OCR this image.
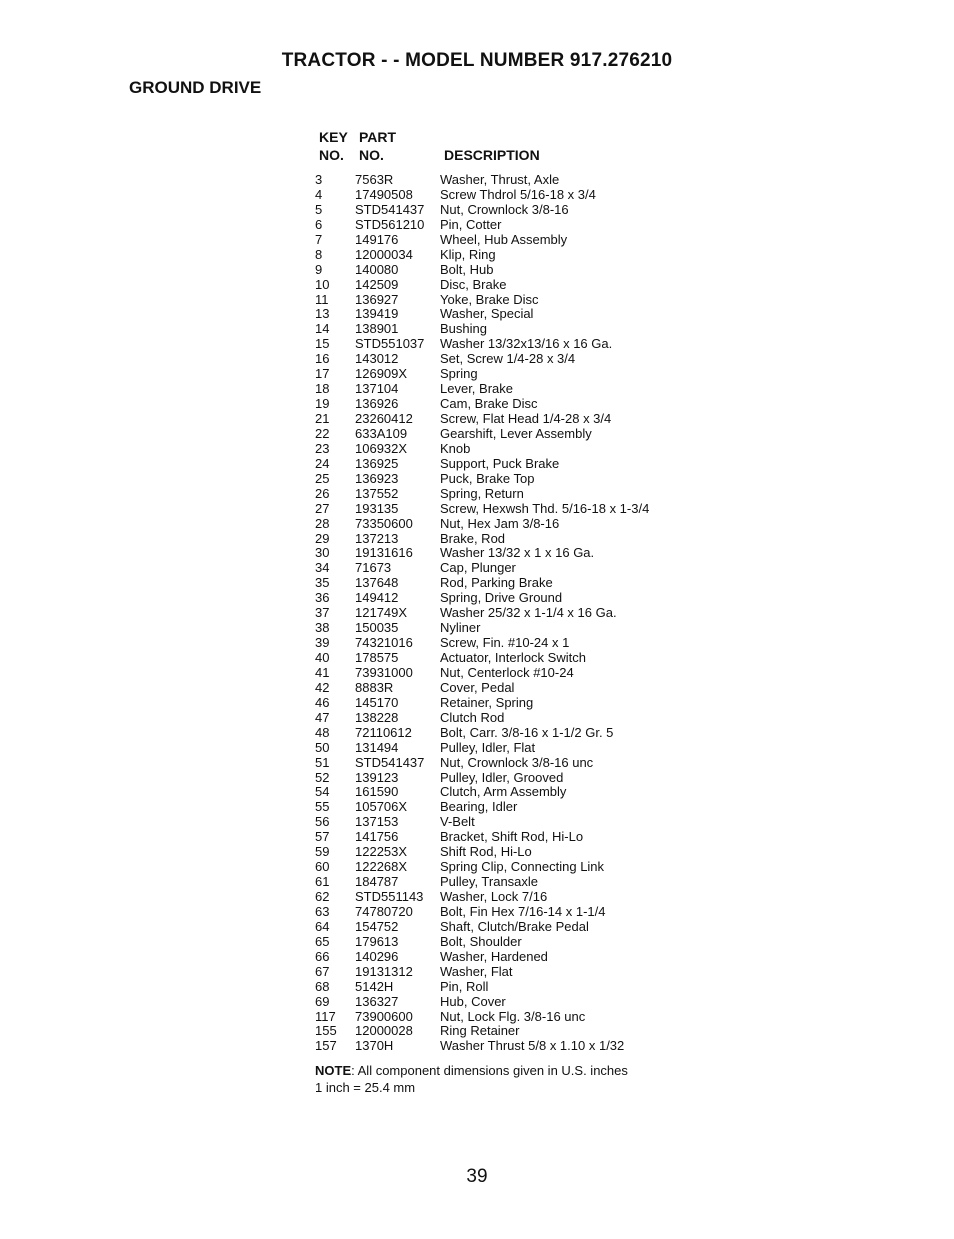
TRACTOR - - MODEL NUMBER 917.276210
GROUND DRIVE
KEY PART
NO. NO.	DESCRIPTION
3	7563R	Washer, Thrust, Axle
4	17490508 Screw Thdrol 5/16-18 x 3/4
5	STD541437 Nut, Crownlock 3/8-16
6	STD561210 Pin, Cotter
7	149176	Wheel, Hub Assembly
8	12000034 Klip, Ring
9	140080	Bolt, Hub
10 142509	Disc, Brake
11 136927	Yoke, Brake Disc
13 139419	Washer, Special
14 138901	Bushing
15 STD551037 Washer 13/32x13/16 x 16 Ga.
16 143012	Set, Screw 1/4-28 x 3/4
17 126909X	Spring
18 137104	Lever, Brake
19 136926	Cam, Brake Disc
21 23260412 Screw, Flat Head 1/4-28 x 3/4
22 633A109	Gearshift, Lever Assembly
23 106932X	Knob
24 136925	Support, Puck Brake
25 136923	Puck, Brake Top
26 137552	Spring, Return
27 193135	Screw, Hexwsh Thd. 5/16-18 x 1-3/4
28 73350600 Nut, Hex Jam 3/8-16
29 137213	Brake, Rod
30 19131616 Washer 13/32 x 1 x 16 Ga.
34 71673	Cap, Plunger
35 137648	Rod, Parking Brake
36 149412	Spring, Drive Ground
37 121749X	Washer 25/32 x 1-1/4 x 16 Ga.
38 150035	Nyliner
39 74321016 Screw, Fin. #10-24 x 1
40 178575	Actuator, Interlock Switch
41 73931000 Nut, Centerlock #10-24
42 8883R	Cover, Pedal
46 145170	Retainer, Spring
47 138228	Clutch Rod
48 72110612 Bolt, Carr. 3/8-16 x 1-1/2 Gr. 5
50 131494	Pulley, Idler, Flat
51 STD541437 Nut, Crownlock 3/8-16 unc
52 139123	Pulley, Idler, Grooved
54 161590	Clutch, Arm Assembly
55 105706X	Bearing, Idler
56 137153	V-Belt
57 141756	Bracket, Shift Rod, Hi-Lo
59 122253X	Shift Rod, Hi-Lo
60 122268X	Spring Clip, Connecting Link
61 184787	Pulley, Transaxle
62 STD551143 Washer, Lock 7/16
63 74780720 Bolt, Fin Hex 7/16-14 x 1-1/4
64 154752	Shaft, Clutch/Brake Pedal
65 179613	Bolt, Shoulder
66 140296	Washer, Hardened
67 19131312 Washer, Flat
68 5142H	Pin, Roll
69 136327	Hub, Cover
117 73900600 Nut, Lock Flg. 3/8-16 unc
155 12000028 Ring Retainer
157 1370H	Washer Thrust 5/8 x 1.10 x 1/32
NOTE: All component dimensions given in U.S. inches 1 inch = 25.4 mm
39
